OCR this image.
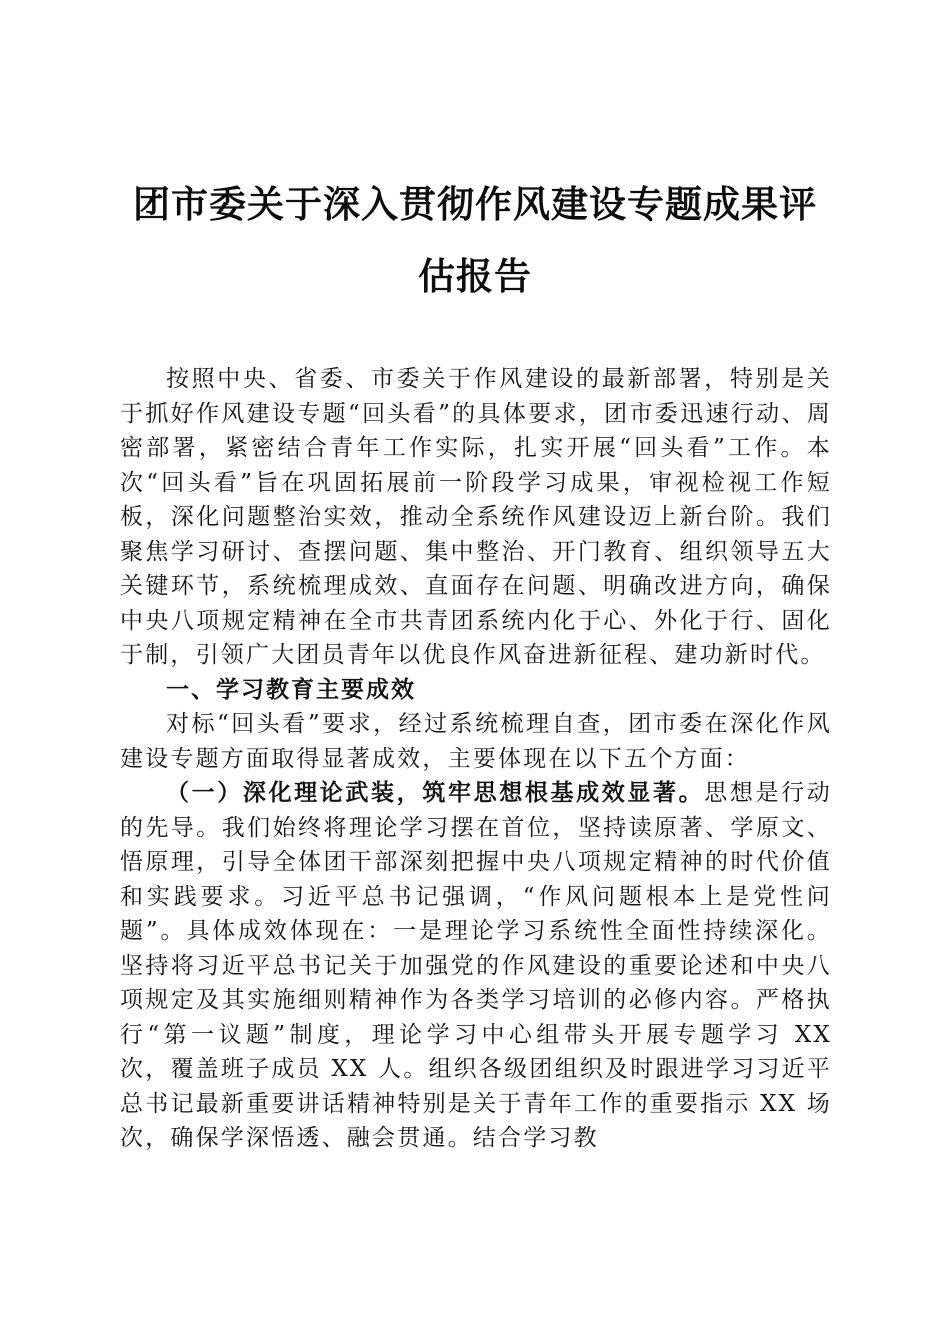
团市委关于深入贯彻作风建设专题成果评估报告

按照中央、省委、市委关于作风建设的最新部署，特别是关于抓好作风建设专题“回头看”的具体要求，团市委迅速行动、周密部署，紧密结合青年工作实际，扎实开展“回头看”工作。本次“回头看”旨在巩固拓展前一阶段学习成果，审视检视工作短板，深化问题整治实效，推动全系统作风建设迈上新台阶。我们聚焦学习研讨、查摆问题、集中整治、开门教育、组织领导五大关键环节，系统梳理成效、直面存在问题、明确改进方向，确保中央八项规定精神在全市共青团系统内化于心、外化于行、固化于制，引领广大团员青年以优良作风奋进新征程、建功新时代。

一、学习教育主要成效

对标“回头看”要求，经过系统梳理自查，团市委在深化作风建设专题方面取得显著成效，主要体现在以下五个方面：

（一）深化理论武装，筑牢思想根基成效显著。思想是行动的先导。我们始终将理论学习摆在首位，坚持读原著、学原文、悟原理，引导全体团干部深刻把握中央八项规定精神的时代价值和实践要求。习近平总书记强调，“作风问题根本上是党性问题”。具体成效体现在：一是理论学习系统性全面性持续深化。坚持将习近平总书记关于加强党的作风建设的重要论述和中央八项规定及其实施细则精神作为各类学习培训的必修内容。严格执行“第一议题”制度，理论学习中心组带头开展专题学习 XX 次，覆盖班子成员 XX 人。组织各级团组织及时跟进学习习近平总书记最新重要讲话精神特别是关于青年工作的重要指示 XX 场次，确保学深悟透、融会贯通。结合学习教
